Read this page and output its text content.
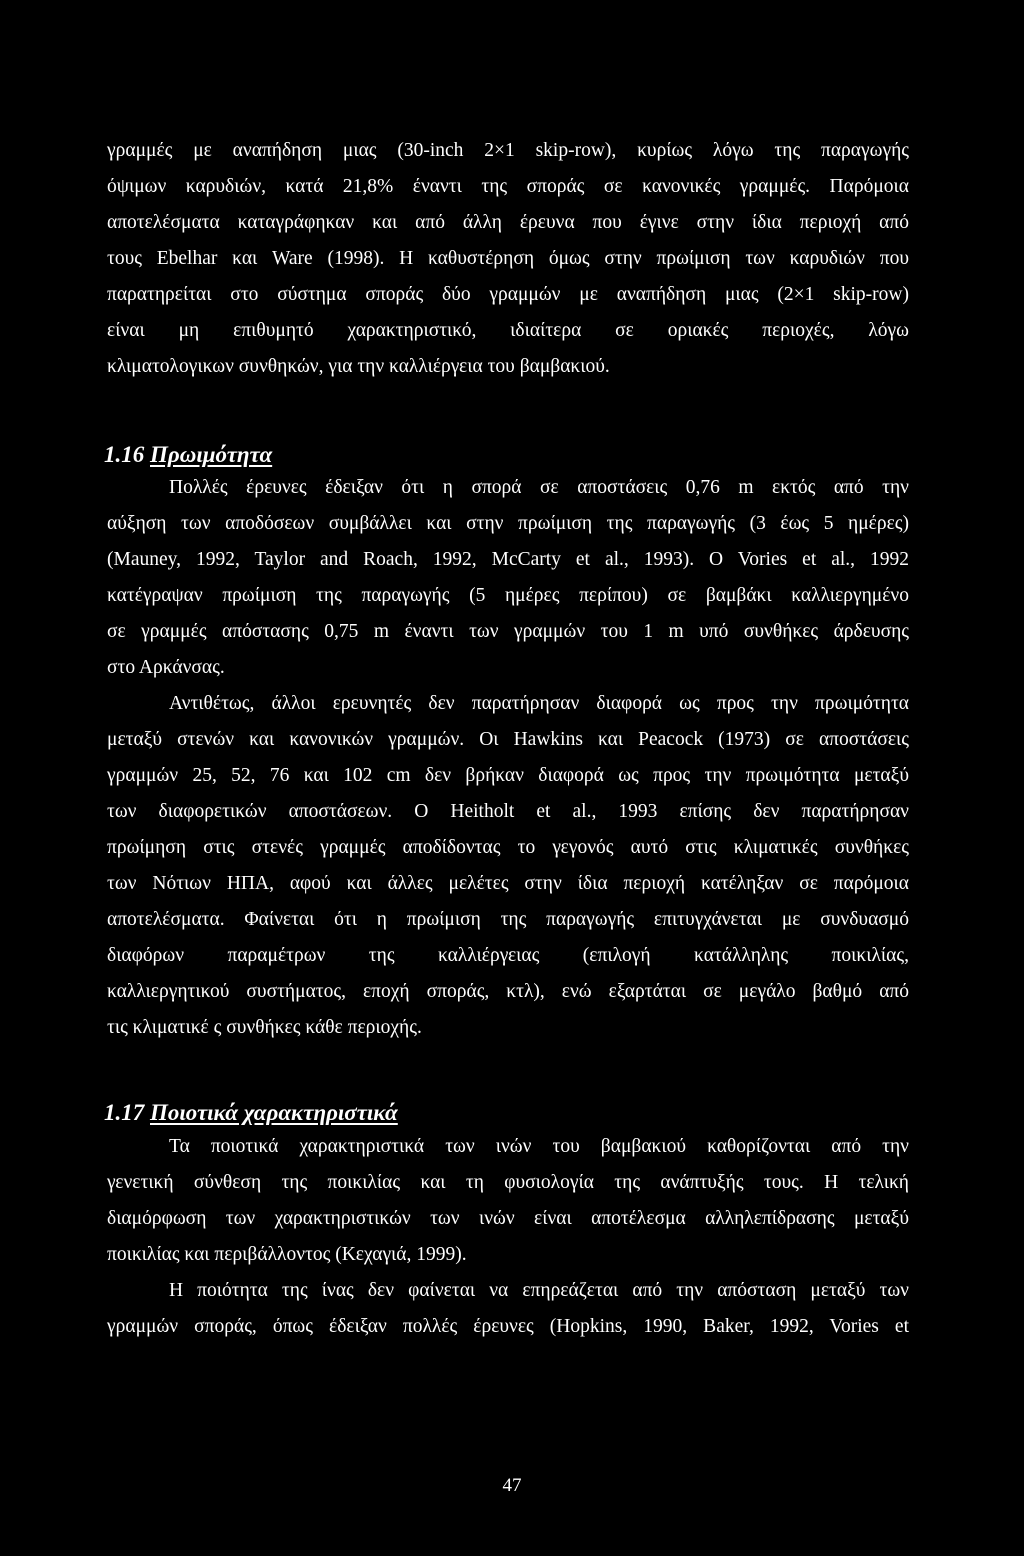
γραμμές με αναπήδηση μιας (30-inch 2×1 skip-row), κυρίως λόγω της παραγωγής
όψιμων καρυδιών, κατά 21,8% έναντι της σποράς σε κανονικές γραμμές. Παρόμοια
αποτελέσματα καταγράφηκαν και από άλλη έρευνα που έγινε στην ίδια περιοχή από
τους Ebelhar και Ware (1998). Η καθυστέρηση όμως στην πρωίμιση των καρυδιών που
παρατηρείται στο σύστημα σποράς δύο γραμμών με αναπήδηση μιας (2×1 skip-row)
είναι μη επιθυμητό χαρακτηριστικό, ιδιαίτερα σε οριακές περιοχές, λόγω
κλιματολογικων συνθηκών, για την καλλιέργεια του βαμβακιού.
1.16 Πρωιμότητα
Πολλές έρευνες έδειξαν ότι η σπορά σε αποστάσεις 0,76 m εκτός από την
αύξηση των αποδόσεων συμβάλλει και στην πρωίμιση της παραγωγής (3 έως 5 ημέρες)
(Mauney, 1992, Taylor and Roach, 1992, McCarty et al., 1993). O Vories et al., 1992
κατέγραψαν πρωίμιση της παραγωγής (5 ημέρες περίπου) σε βαμβάκι καλλιεργημένο
σε γραμμές απόστασης 0,75 m έναντι των γραμμών του 1 m υπό συνθήκες άρδευσης
στο Αρκάνσας.
Αντιθέτως, άλλοι ερευνητές δεν παρατήρησαν διαφορά ως προς την πρωιμότητα
μεταξύ στενών και κανονικών γραμμών. Οι Hawkins και Peacock (1973) σε αποστάσεις
γραμμών 25, 52, 76 και 102 cm δεν βρήκαν διαφορά ως προς την πρωιμότητα μεταξύ
των διαφορετικών αποστάσεων. O Heitholt et al., 1993 επίσης δεν παρατήρησαν
πρωίμηση στις στενές γραμμές αποδίδοντας το γεγονός αυτό στις κλιματικές συνθήκες
των Νότιων ΗΠΑ, αφού και άλλες μελέτες στην ίδια περιοχή κατέληξαν σε παρόμοια
αποτελέσματα. Φαίνεται ότι η πρωίμιση της παραγωγής επιτυγχάνεται με συνδυασμό
διαφόρων παραμέτρων της καλλιέργειας (επιλογή κατάλληλης ποικιλίας,
καλλιεργητικού συστήματος, εποχή σποράς, κτλ), ενώ εξαρτάται σε μεγάλο βαθμό από
τις κλιματικέ ς συνθήκες κάθε περιοχής.
1.17 Ποιοτικά χαρακτηριστικά
Τα ποιοτικά χαρακτηριστικά των ινών του βαμβακιού καθορίζονται από την
γενετική σύνθεση της ποικιλίας και τη φυσιολογία της ανάπτυξής τους. Η τελική
διαμόρφωση των χαρακτηριστικών των ινών είναι αποτέλεσμα αλληλεπίδρασης μεταξύ
ποικιλίας και περιβάλλοντος (Κεχαγιά, 1999).
Η ποιότητα της ίνας δεν φαίνεται να επηρεάζεται από την απόσταση μεταξύ των
γραμμών σποράς, όπως έδειξαν πολλές έρευνες (Hopkins, 1990, Baker, 1992, Vories et
47
